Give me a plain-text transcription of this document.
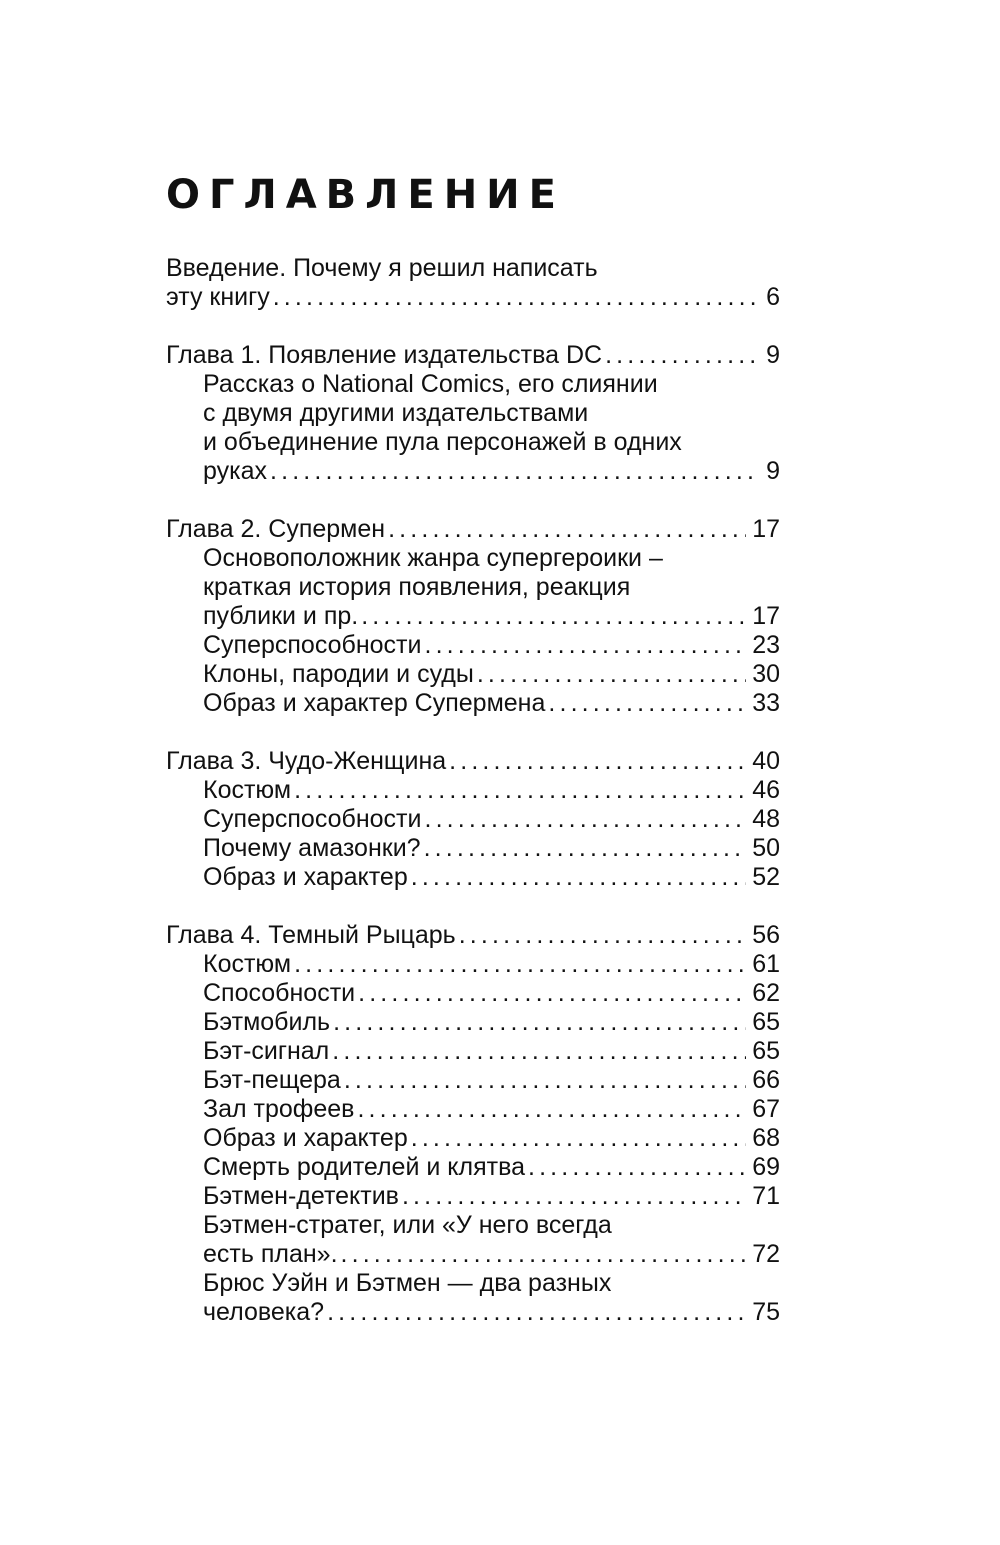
ОГЛАВЛЕНИЕ
Введение. Почему я решил написать
эту книгу . . .	6
Глава 1. Появление издательства DC . . .	9
Рассказ о National Comics, его слиянии
с двумя другими издательствами
и объединение пула персонажей в одних
руках . . .	9
Глава 2. Супермен . . .	17
Основоположник жанра супергероики –
краткая история появления, реакция
публики и пр. . . .	17
Суперспособности . . .	23
Клоны, пародии и суды . . .	30
Образ и характер Супермена . . .	33
Глава 3. Чудо-Женщина . . .	40
Костюм . . .	46
Суперспособности . . .	48
Почему амазонки? . . .	50
Образ и характер . . .	52
Глава 4. Темный Рыцарь . . .	56
Костюм . . .	61
Способности . . .	62
Бэтмобиль . . .	65
Бэт-сигнал . . .	65
Бэт-пещера . . .	66
Зал трофеев . . .	67
Образ и характер . . .	68
Смерть родителей и клятва . . .	69
Бэтмен-детектив . . .	71
Бэтмен-стратег, или «У него всегда
есть план». . . .	72
Брюс Уэйн и Бэтмен — два разных
человека? . . .	75
